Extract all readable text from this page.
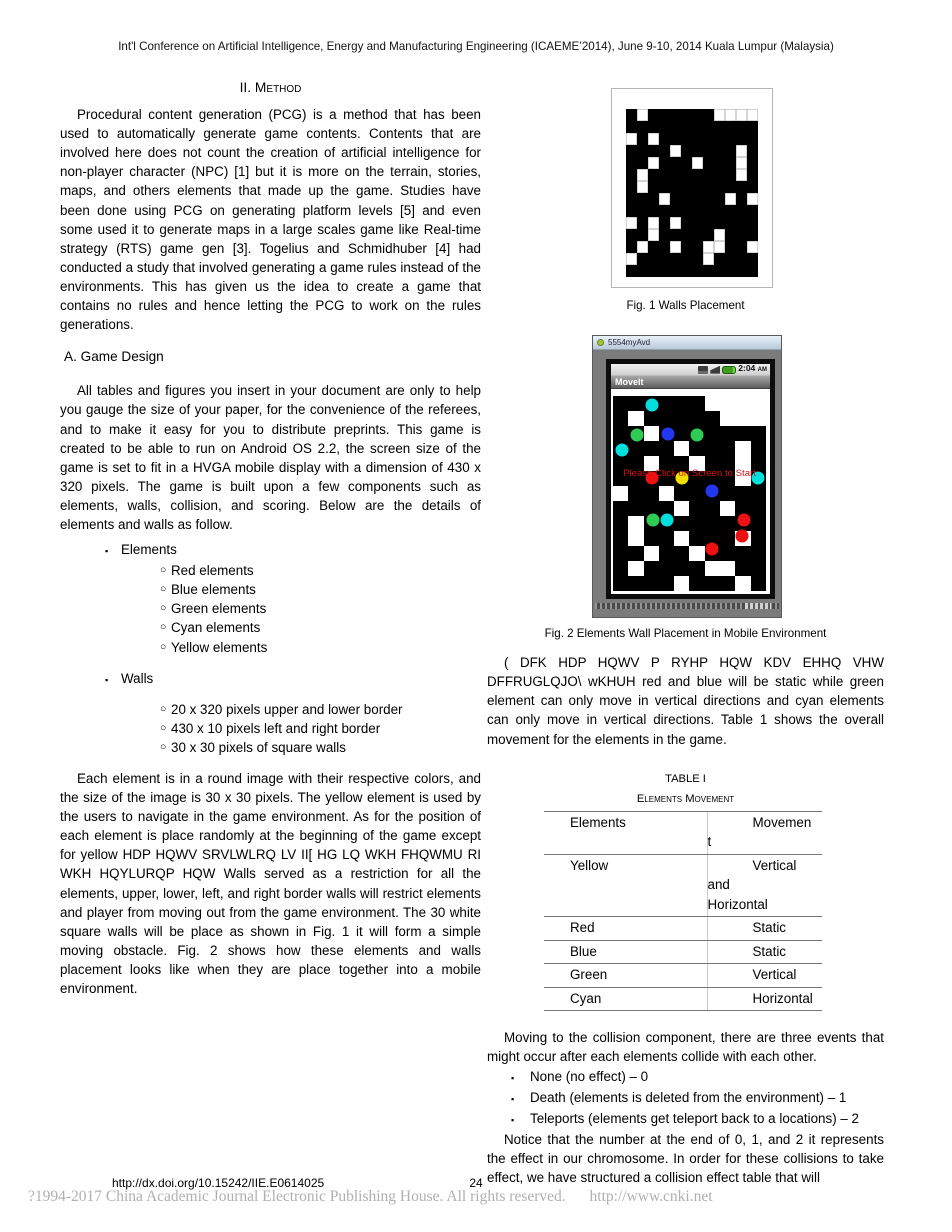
Int'l Conference on Artificial Intelligence, Energy and Manufacturing Engineering (ICAEME’2014), June 9-10, 2014 Kuala Lumpur (Malaysia)
II. Method

Procedural content generation (PCG) is a method that has been used to automatically generate game contents. Contents that are involved here does not count the creation of artificial intelligence for non-player character (NPC) [1] but it is more on the terrain, stories, maps, and others elements that made up the game. Studies have been done using PCG on generating platform levels [5] and even some used it to generate maps in a large scales game like Real-time strategy (RTS) game gen [3]. Togelius and Schmidhuber [4] had conducted a study that involved generating a game rules instead of the environments. This has given us the idea to create a game that contains no rules and hence letting the PCG to work on the rules generations.

A. Game Design

All tables and figures you insert in your document are only to help you gauge the size of your paper, for the convenience of the referees, and to make it easy for you to distribute preprints. This game is created to be able to run on Android OS 2.2, the screen size of the game is set to fit in a HVGA mobile display with a dimension of 430 x 320 pixels. The game is built upon a few components such as elements, walls, collision, and scoring. Below are the details of elements and walls as follow.

▪ Elements
○ Red elements
○ Blue elements
○ Green elements
○ Cyan elements
○ Yellow elements
▪ Walls
○ 20 x 320 pixels upper and lower border
○ 430 x 10 pixels left and right border
○ 30 x 30 pixels of square walls

Each element is in a round image with their respective colors, and the size of the image is 30 x 30 pixels. The yellow element is used by the users to navigate in the game environment. As for the position of each element is place randomly at the beginning of the game except for yellow HDP HQWV SRVLWLRQ LV II[ HG LQ WKH FHQWMU RI WKH HQYLURQP HQW Walls served as a restriction for all the elements, upper, lower, left, and right border walls will restrict elements and player from moving out from the game environment. The 30 white square walls will be place as shown in Fig. 1 it will form a simple moving obstacle. Fig. 2 shows how these elements and walls placement looks like when they are place together into a mobile environment.

Fig. 1 Walls Placement
5554myAvd
2:04 AM
MoveIt
Please Click on Screen to Start
Fig. 2 Elements Wall Placement in Mobile Environment

( DFK HDP HQWV P RYHP HQW KDV EHHQ VHW DFFRUGLQJO\ wKHUH red and blue will be static while green element can only move in vertical directions and cyan elements can only move in vertical directions. Table 1 shows the overall movement for the elements in the game.

TABLE I
Elements Movement
Elements	Movemen
t

Yellow	Vertical
and
Horizontal

Red	Static

Blue	Static

Green	Vertical

Cyan	Horizontal

Moving to the collision component, there are three events that might occur after each elements collide with each other.

▪	None (no effect) – 0
▪	Death (elements is deleted from the environment) – 1
▪	Teleports (elements get teleport back to a locations) – 2

Notice that the number at the end of 0, 1, and 2 it represents the effect in our chromosome. In order for these collisions to take effect, we have structured a collision effect table that will

http://dx.doi.org/10.15242/IIE.E0614025	24
?1994-2017 China Academic Journal Electronic Publishing House. All rights reserved. http://www.cnki.net
